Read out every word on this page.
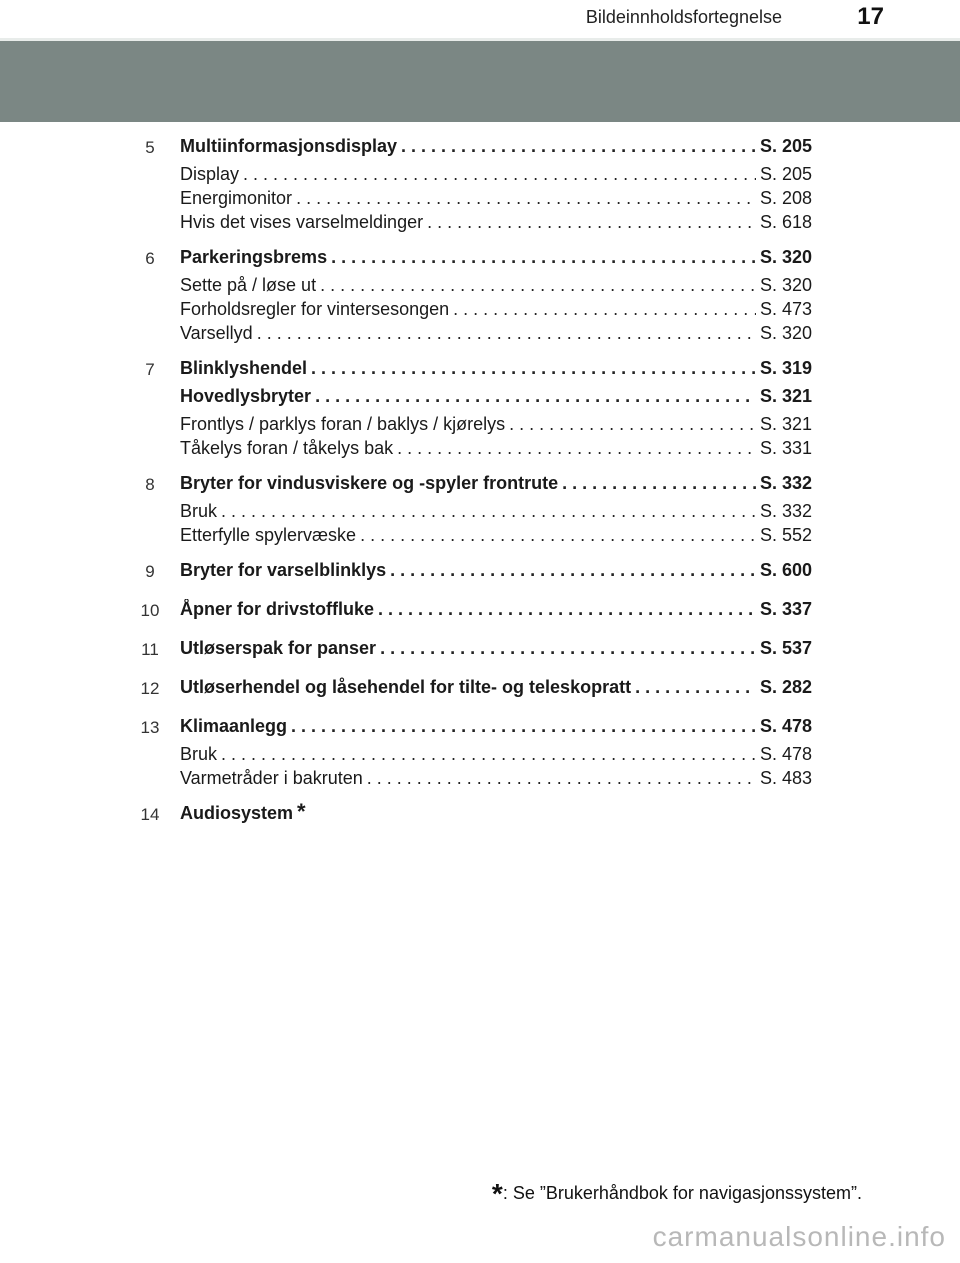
Bildeinnholdsfortegnelse	17
5 Multiinformasjonsdisplay . . .	S. 205
Display . . .	S. 205
Energimonitor . . .	S. 208
Hvis det vises varselmeldinger . . .	S. 618
6 Parkeringsbrems . . .	S. 320
Sette på / løse ut . . .	S. 320
Forholdsregler for vintersesongen . . .	S. 473
Varsellyd . . .	S. 320
7 Blinklyshendel . . .	S. 319
Hovedlysbryter . . .	S. 321
Frontlys / parklys foran / baklys / kjørelys . . .	S. 321
Tåkelys foran / tåkelys bak . . .	S. 331
8 Bryter for vindusviskere og -spyler frontrute . . .	S. 332
Bruk . . .	S. 332
Etterfylle spylervæske . . .	S. 552
9 Bryter for varselblinklys . . .	S. 600
10 Åpner for drivstoffluke . . .	S. 337
11 Utløserspak for panser . . .	S. 537
12 Utløserhendel og låsehendel for tilte- og teleskopratt . . .	S. 282
13 Klimaanlegg . . .	S. 478
Bruk . . .	S. 478
Varmetråder i bakruten . . .	S. 483
14 Audiosystem *
*: Se ”Brukerhåndbok for navigasjonssystem”.
carmanualsonline.info
